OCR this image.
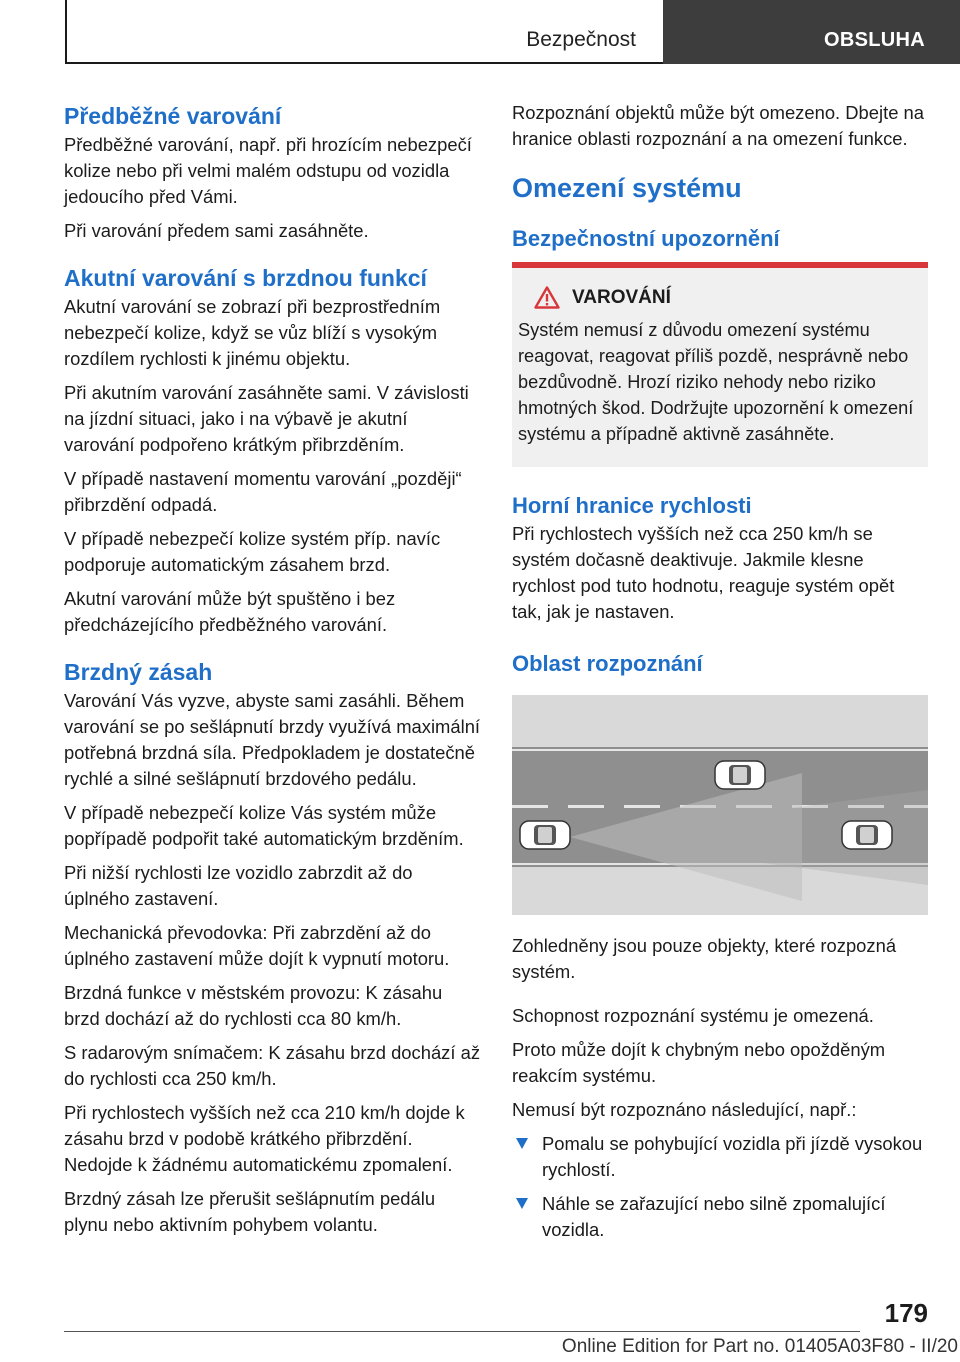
Bezpečnost	OBSLUHA
Předběžné varování

Předběžné varování, např. při hrozícím nebezpečí kolize nebo při velmi malém odstupu od vozidla jedoucího před Vámi.

Při varování předem sami zasáhněte.

Akutní varování s brzdnou funkcí

Akutní varování se zobrazí při bezprostředním nebezpečí kolize, když se vůz blíží s vysokým rozdílem rychlosti k jinému objektu.

Při akutním varování zasáhněte sami. V závislosti na jízdní situaci, jako i na výbavě je akutní varování podpořeno krátkým přibrzděním.

V případě nastavení momentu varování „později“ přibrzdění odpadá.

V případě nebezpečí kolize systém příp. navíc podporuje automatickým zásahem brzd.

Akutní varování může být spuštěno i bez předcházejícího předběžného varování.

Brzdný zásah

Varování Vás vyzve, abyste sami zasáhli. Během varování se po sešlápnutí brzdy využívá maximální potřebná brzdná síla. Předpokladem je dostatečně rychlé a silné sešlápnutí brzdového pedálu.

V případě nebezpečí kolize Vás systém může popřípadě podpořit také automatickým brzděním.

Při nižší rychlosti lze vozidlo zabrzdit až do úplného zastavení.

Mechanická převodovka: Při zabrzdění až do úplného zastavení může dojít k vypnutí motoru.

Brzdná funkce v městském provozu: K zásahu brzd dochází až do rychlosti cca 80 km/h.

S radarovým snímačem: K zásahu brzd dochází až do rychlosti cca 250 km/h.

Při rychlostech vyšších než cca 210 km/h dojde k zásahu brzd v podobě krátkého přibrzdění. Nedojde k žádnému automatickému zpomalení.

Brzdný zásah lze přerušit sešlápnutím pedálu plynu nebo aktivním pohybem volantu.

Rozpoznání objektů může být omezeno. Dbejte na hranice oblasti rozpoznání a na omezení funkce.

Omezení systému
Bezpečnostní upozornění
VAROVÁNÍ

Systém nemusí z důvodu omezení systému reagovat, reagovat příliš pozdě, nesprávně nebo bezdůvodně. Hrozí riziko nehody nebo riziko hmotných škod. Dodržujte upozornění k omezení systému a případně aktivně zasáhněte.

Horní hranice rychlosti

Při rychlostech vyšších než cca 250 km/h se systém dočasně deaktivuje. Jakmile klesne rychlost pod tuto hodnotu, reaguje systém opět tak, jak je nastaven.

Oblast rozpoznání

Zohledněny jsou pouze objekty, které rozpozná systém.

Schopnost rozpoznání systému je omezená.

Proto může dojít k chybným nebo opožděným reakcím systému.

Nemusí být rozpoznáno následující, např.:

Pomalu se pohybující vozidla při jízdě vysokou rychlostí.
Náhle se zařazující nebo silně zpomalující vozidla.
179
Online Edition for Part no. 01405A03F80 - II/20
